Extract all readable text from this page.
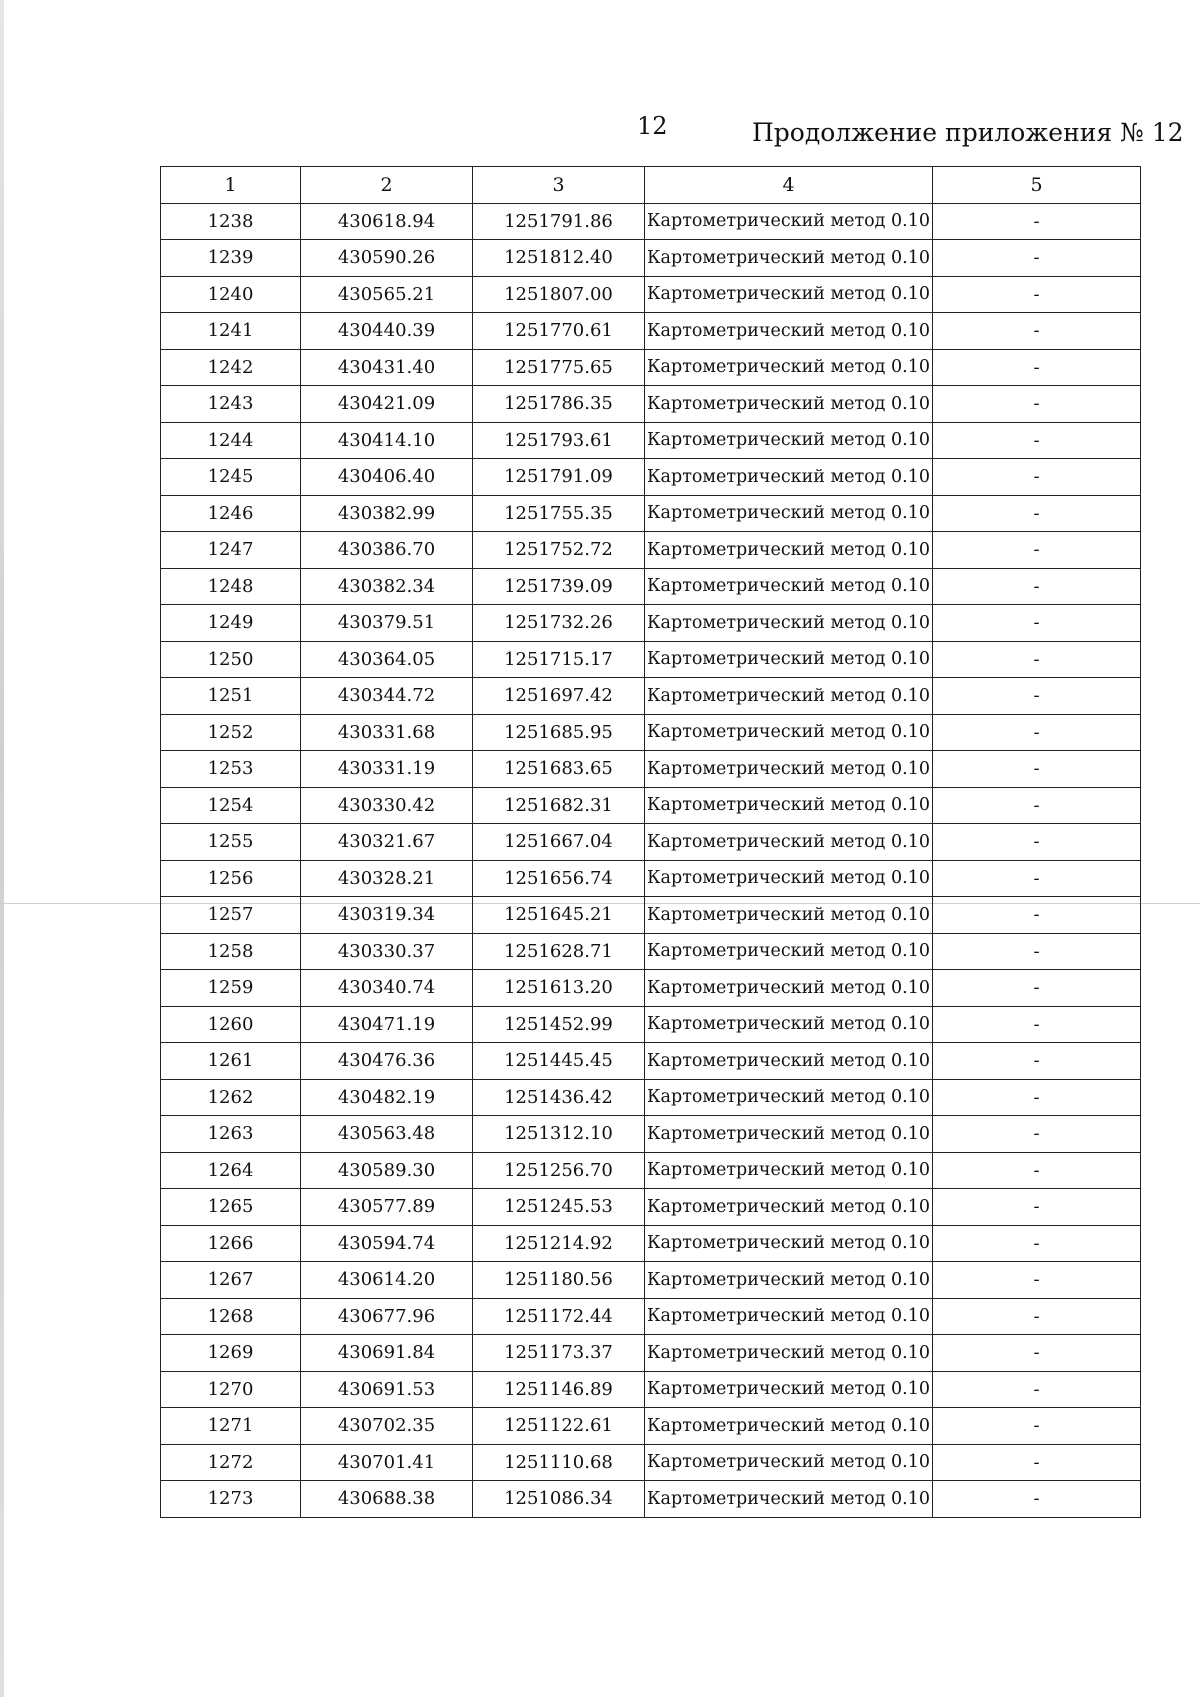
12	Продолжение приложения № 12
1	2	3	4	5
1238	430618.94	1251791.86	Картометрический метод 0.10	-
1239	430590.26	1251812.40	Картометрический метод 0.10	-
1240	430565.21	1251807.00	Картометрический метод 0.10	-
1241	430440.39	1251770.61	Картометрический метод 0.10	-
1242	430431.40	1251775.65	Картометрический метод 0.10	-
1243	430421.09	1251786.35	Картометрический метод 0.10	-
1244	430414.10	1251793.61	Картометрический метод 0.10	-
1245	430406.40	1251791.09	Картометрический метод 0.10	-
1246	430382.99	1251755.35	Картометрический метод 0.10	-
1247	430386.70	1251752.72	Картометрический метод 0.10	-
1248	430382.34	1251739.09	Картометрический метод 0.10	-
1249	430379.51	1251732.26	Картометрический метод 0.10	-
1250	430364.05	1251715.17	Картометрический метод 0.10	-
1251	430344.72	1251697.42	Картометрический метод 0.10	-
1252	430331.68	1251685.95	Картометрический метод 0.10	-
1253	430331.19	1251683.65	Картометрический метод 0.10	-
1254	430330.42	1251682.31	Картометрический метод 0.10	-
1255	430321.67	1251667.04	Картометрический метод 0.10	-
1256	430328.21	1251656.74	Картометрический метод 0.10	-
1257	430319.34	1251645.21	Картометрический метод 0.10	-
1258	430330.37	1251628.71	Картометрический метод 0.10	-
1259	430340.74	1251613.20	Картометрический метод 0.10	-
1260	430471.19	1251452.99	Картометрический метод 0.10	-
1261	430476.36	1251445.45	Картометрический метод 0.10	-
1262	430482.19	1251436.42	Картометрический метод 0.10	-
1263	430563.48	1251312.10	Картометрический метод 0.10	-
1264	430589.30	1251256.70	Картометрический метод 0.10	-
1265	430577.89	1251245.53	Картометрический метод 0.10	-
1266	430594.74	1251214.92	Картометрический метод 0.10	-
1267	430614.20	1251180.56	Картометрический метод 0.10	-
1268	430677.96	1251172.44	Картометрический метод 0.10	-
1269	430691.84	1251173.37	Картометрический метод 0.10	-
1270	430691.53	1251146.89	Картометрический метод 0.10	-
1271	430702.35	1251122.61	Картометрический метод 0.10	-
1272	430701.41	1251110.68	Картометрический метод 0.10	-
1273	430688.38	1251086.34	Картометрический метод 0.10	-
